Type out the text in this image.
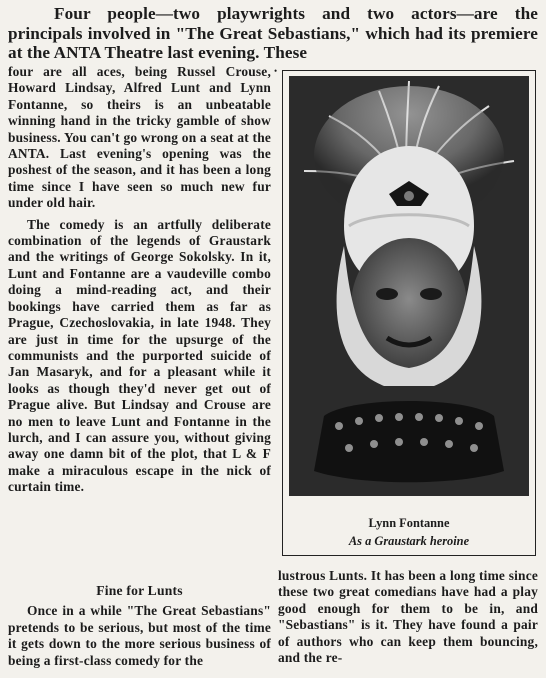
Four people—two playwrights and two actors—are the principals involved in "The Great Sebastians," which had its premiere at the ANTA Theatre last evening. These

four are all aces, being Russel Crouse, Howard Lindsay, Alfred Lunt and Lynn Fontanne, so theirs is an unbeatable winning hand in the tricky gamble of show business. You can't go wrong on a seat at the ANTA. Last evening's opening was the poshest of the season, and it has been a long time since I have seen so much new fur under old hair.

The comedy is an artfully deliberate combination of the legends of Graustark and the writings of George Sokolsky. In it, Lunt and Fontanne are a vaudeville combo doing a mind-reading act, and their bookings have carried them as far as Prague, Czechoslovakia, in late 1948. They are just in time for the upsurge of the communists and the purported suicide of Jan Masaryk, and for a pleasant while it looks as though they'd never get out of Prague alive. But Lindsay and Crouse are no men to leave Lunt and Fontanne in the lurch, and I can assure you, without giving away one damn bit of the plot, that L & F make a miraculous escape in the nick of curtain time.

Fine for Lunts

Once in a while "The Great Sebastians" pretends to be serious, but most of the time it gets down to the more serious business of being a first-class comedy for the

•
Lynn Fontanne
As a Graustark heroine

lustrous Lunts. It has been a long time since these two great comedians have had a play good enough for them to be in, and "Sebastians" is it. They have found a pair of authors who can keep them bouncing, and the re-
